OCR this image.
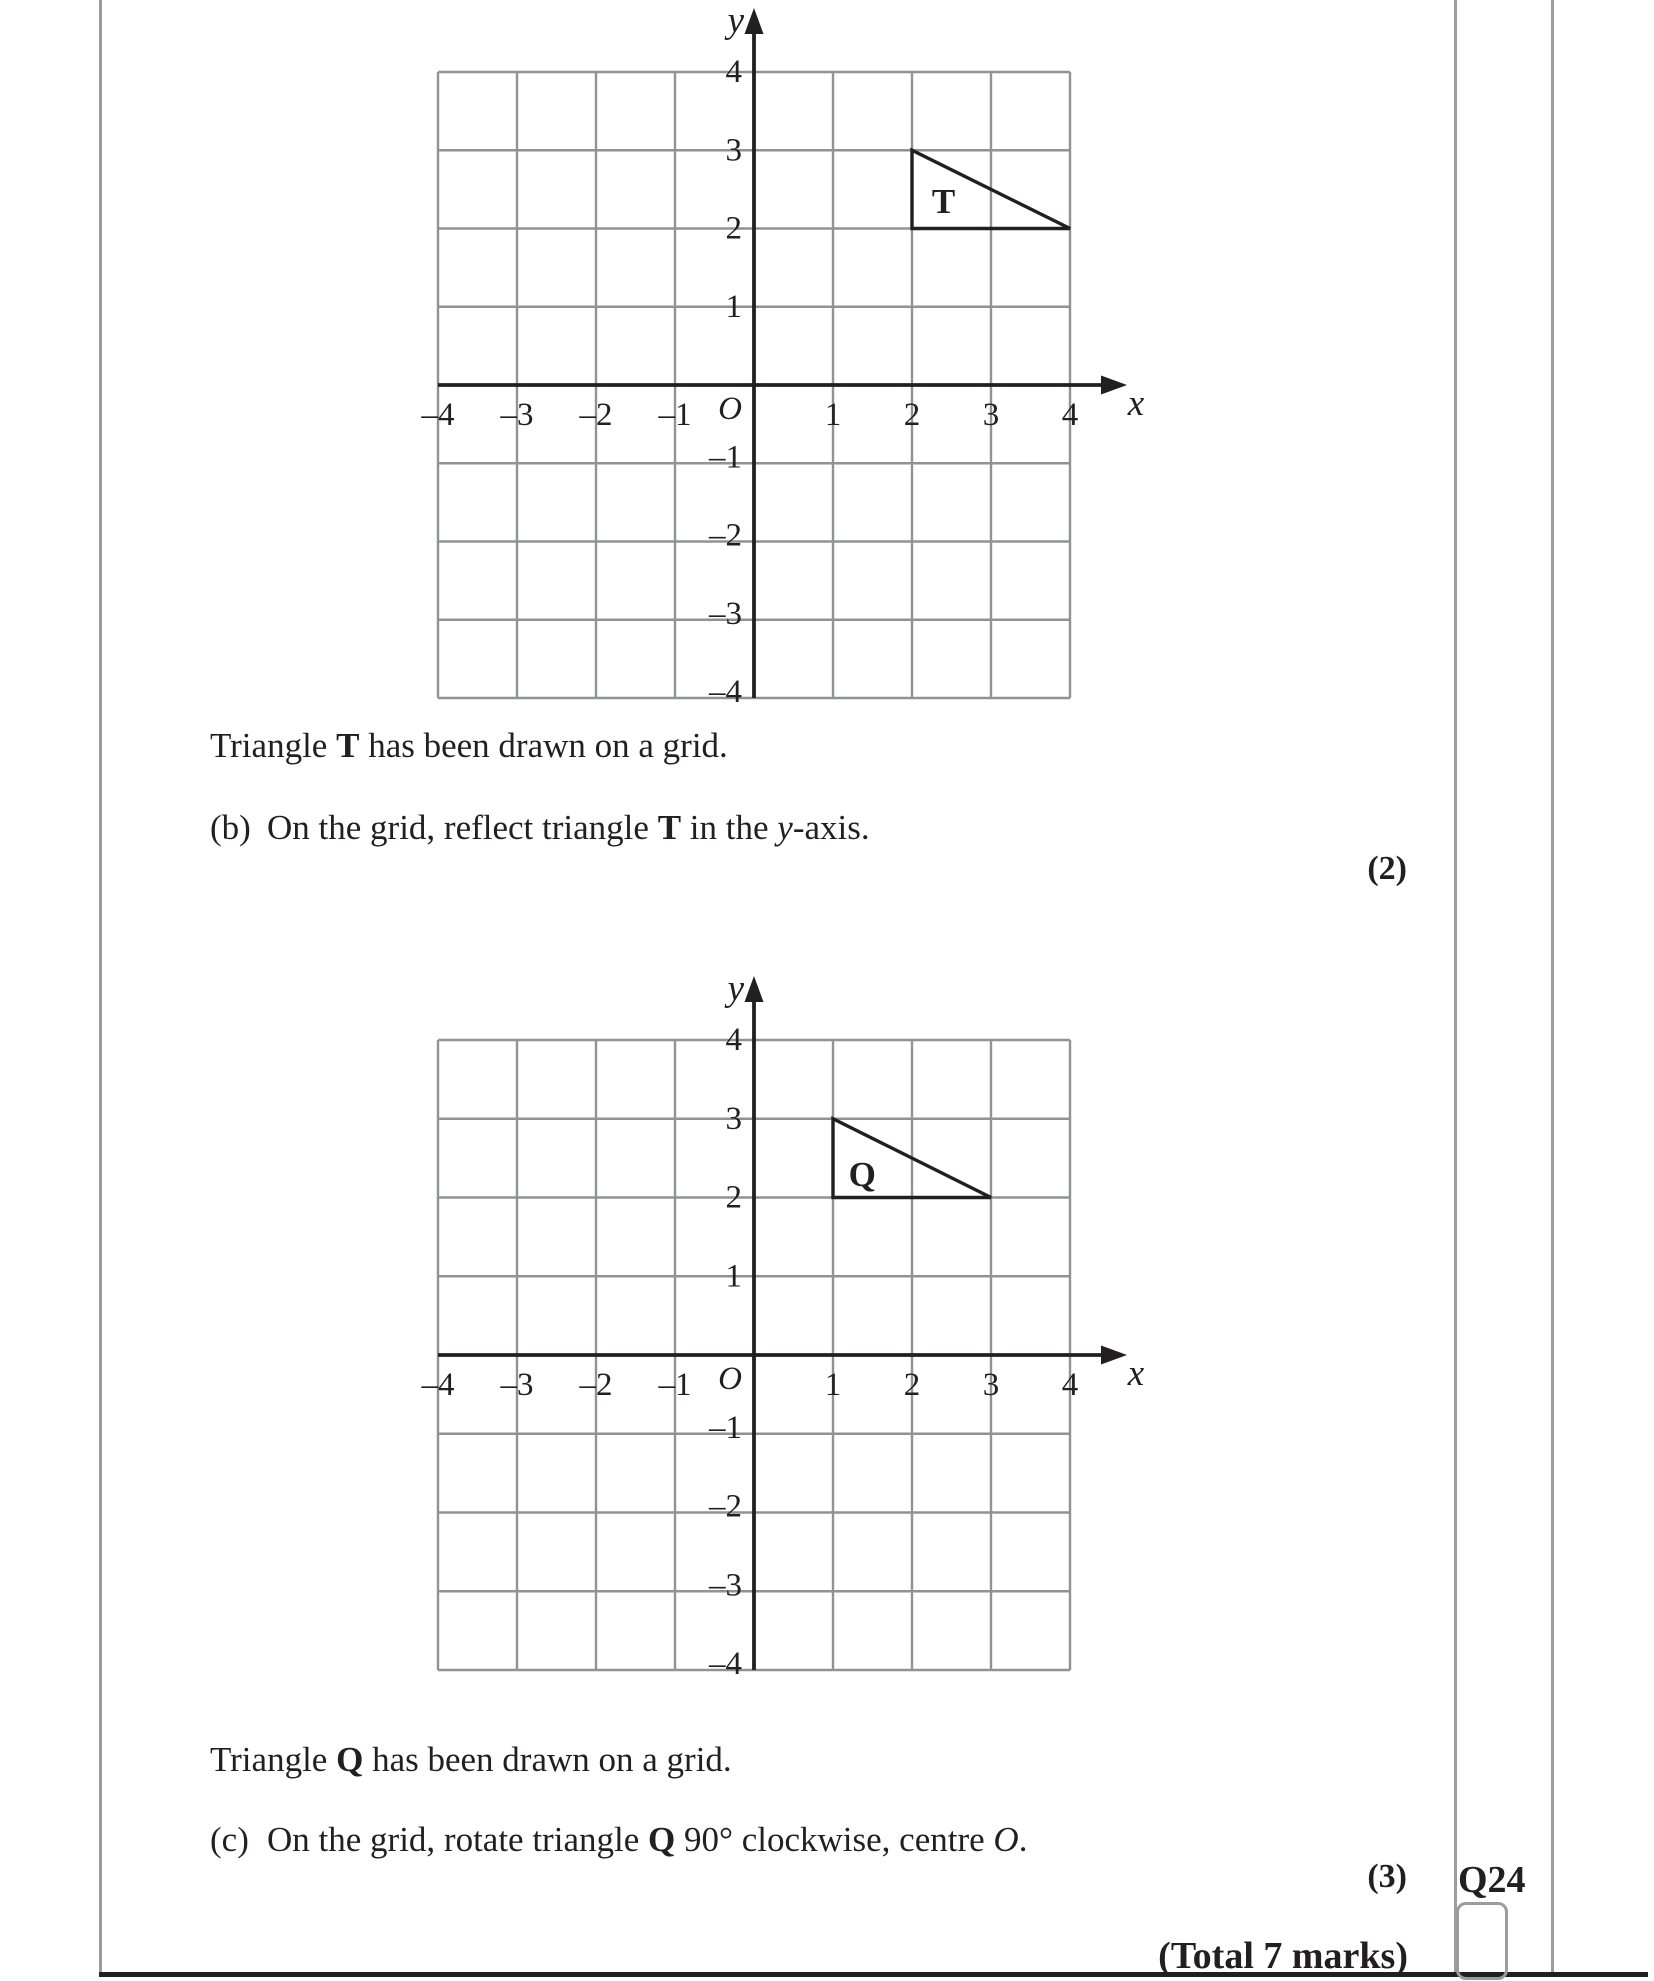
–4 –3 –2 –1	1 2 3 4
4
3
2
1
–1
–2
–3
–4
O	x
y
T
–4 –3 –2 –1	1 2 3 4
4
3
2
1
–1
–2
–3
–4
O	x
y
Q
Triangle T has been drawn on a grid.
(b) On the grid, reflect triangle T in the y-axis.
(2)
Triangle Q has been drawn on a grid.
(c) On the grid, rotate triangle Q 90° clockwise, centre O.
(3) Q24
(Total 7 marks)
